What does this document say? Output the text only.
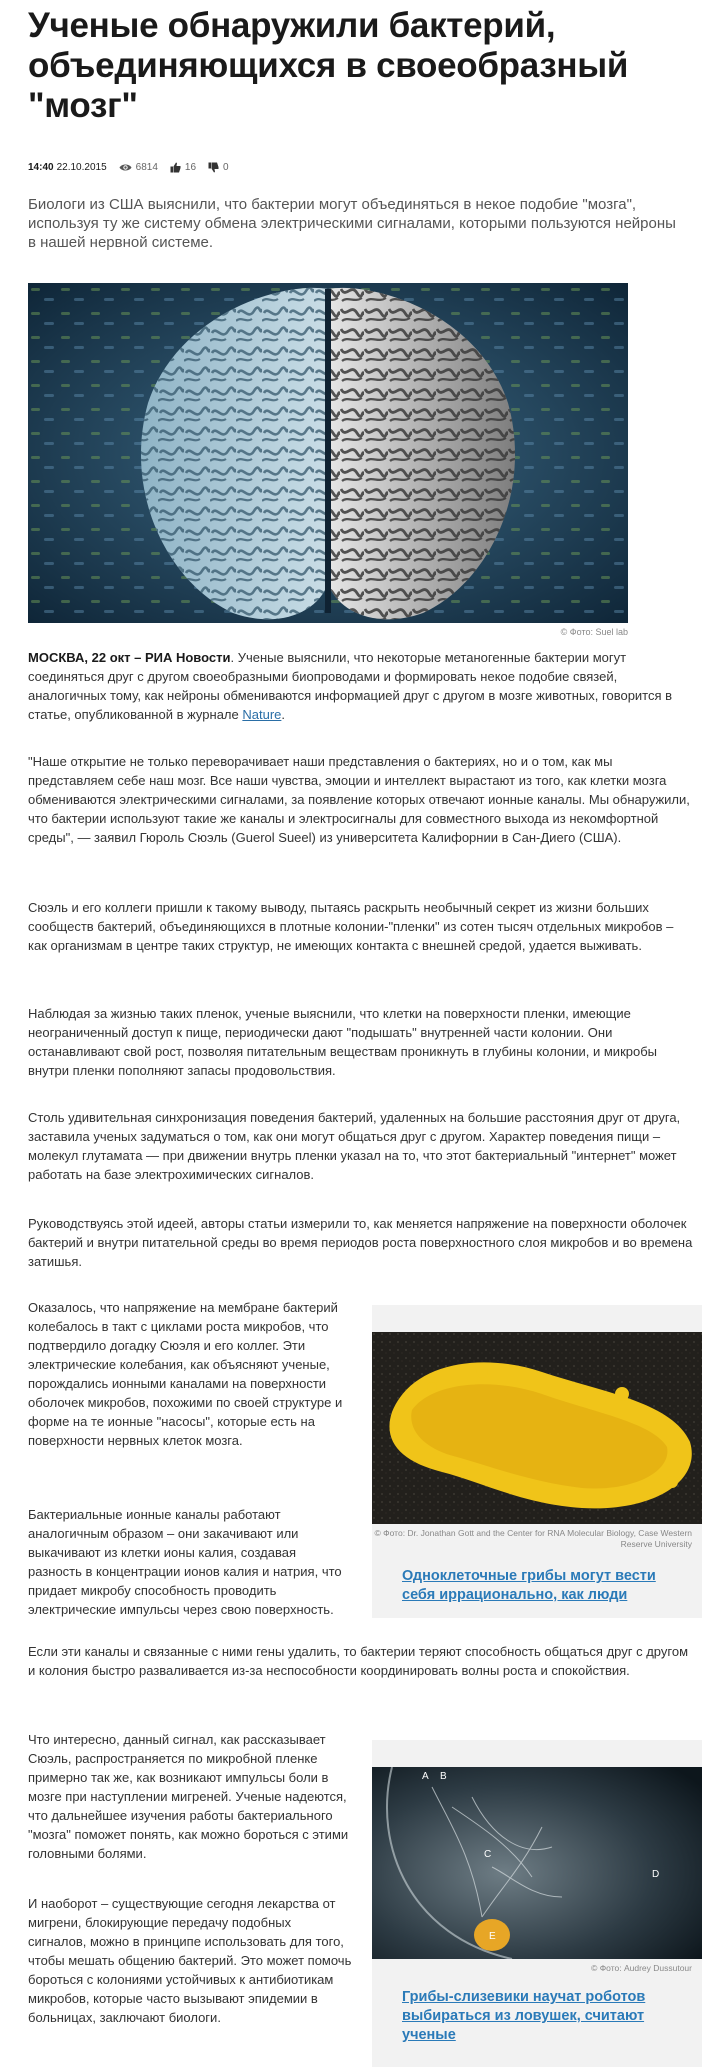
Ученые обнаружили бактерий, объединяющихся в своеобразный "мозг"
14:40 22.10.2015	6814	16	0

Биологи из США выяснили, что бактерии могут объединяться в некое подобие "мозга", используя ту же систему обмена электрическими сигналами, которыми пользуются нейроны в нашей нервной системе.

© Фото: Suel lab

МОСКВА, 22 окт – РИА Новости. Ученые выяснили, что некоторые метаногенные бактерии могут соединяться друг с другом своеобразными биопроводами и формировать некое подобие связей, аналогичных тому, как нейроны обмениваются информацией друг с другом в мозге животных, говорится в статье, опубликованной в журнале Nature.

"Наше открытие не только переворачивает наши представления о бактериях, но и о том, как мы представляем себе наш мозг. Все наши чувства, эмоции и интеллект вырастают из того, как клетки мозга обмениваются электрическими сигналами, за появление которых отвечают ионные каналы. Мы обнаружили, что бактерии используют такие же каналы и электросигналы для совместного выхода из некомфортной среды", — заявил Гюроль Сюэль (Guerol Sueel) из университета Калифорнии в Сан-Диего (США).

Сюэль и его коллеги пришли к такому выводу, пытаясь раскрыть необычный секрет из жизни больших сообществ бактерий, объединяющихся в плотные колонии-"пленки" из сотен тысяч отдельных микробов – как организмам в центре таких структур, не имеющих контакта с внешней средой, удается выживать.

Наблюдая за жизнью таких пленок, ученые выяснили, что клетки на поверхности пленки, имеющие неограниченный доступ к пище, периодически дают "подышать" внутренней части колонии. Они останавливают свой рост, позволяя питательным веществам проникнуть в глубины колонии, и микробы внутри пленки пополняют запасы продовольствия.

Столь удивительная синхронизация поведения бактерий, удаленных на большие расстояния друг от друга, заставила ученых задуматься о том, как они могут общаться друг с другом. Характер поведения пищи – молекул глутамата — при движении внутрь пленки указал на то, что этот бактериальный "интернет" может работать на базе электрохимических сигналов.

Руководствуясь этой идеей, авторы статьи измерили то, как меняется напряжение на поверхности оболочек бактерий и внутри питательной среды во время периодов роста поверхностного слоя микробов и во времена затишья.

Оказалось, что напряжение на мембране бактерий колебалось в такт с циклами роста микробов, что подтвердило догадку Сюэля и его коллег. Эти электрические колебания, как объясняют ученые, порождались ионными каналами на поверхности оболочек микробов, похожими по своей структуре и форме на те ионные "насосы", которые есть на поверхности нервных клеток мозга.

Бактериальные ионные каналы работают аналогичным образом – они закачивают или выкачивают из клетки ионы калия, создавая разность в концентрации ионов калия и натрия, что придает микробу способность проводить электрические импульсы через свою поверхность.

Если эти каналы и связанные с ними гены удалить, то бактерии теряют способность общаться друг с другом и колония быстро разваливается из-за неспособности координировать волны роста и спокойствия.

Что интересно, данный сигнал, как рассказывает Сюэль, распространяется по микробной пленке примерно так же, как возникают импульсы боли в мозге при наступлении мигреней. Ученые надеются, что дальнейшее изучения работы бактериального "мозга" поможет понять, как можно бороться с этими головными болями.

И наоборот – существующие сегодня лекарства от мигрени, блокирующие передачу подобных сигналов, можно в принципе использовать для того, чтобы мешать общению бактерий. Это может помочь бороться с колониями устойчивых к антибиотикам микробов, которые часто вызывают эпидемии в больницах, заключают биологи.

© Фото: Dr. Jonathan Gott and the Center for RNA Molecular Biology, Case Western Reserve University
Одноклеточные грибы могут вести себя иррационально, как люди
A B
C
D
E
© Фото: Audrey Dussutour
Грибы-слизевики научат роботов выбираться из ловушек, считают ученые
